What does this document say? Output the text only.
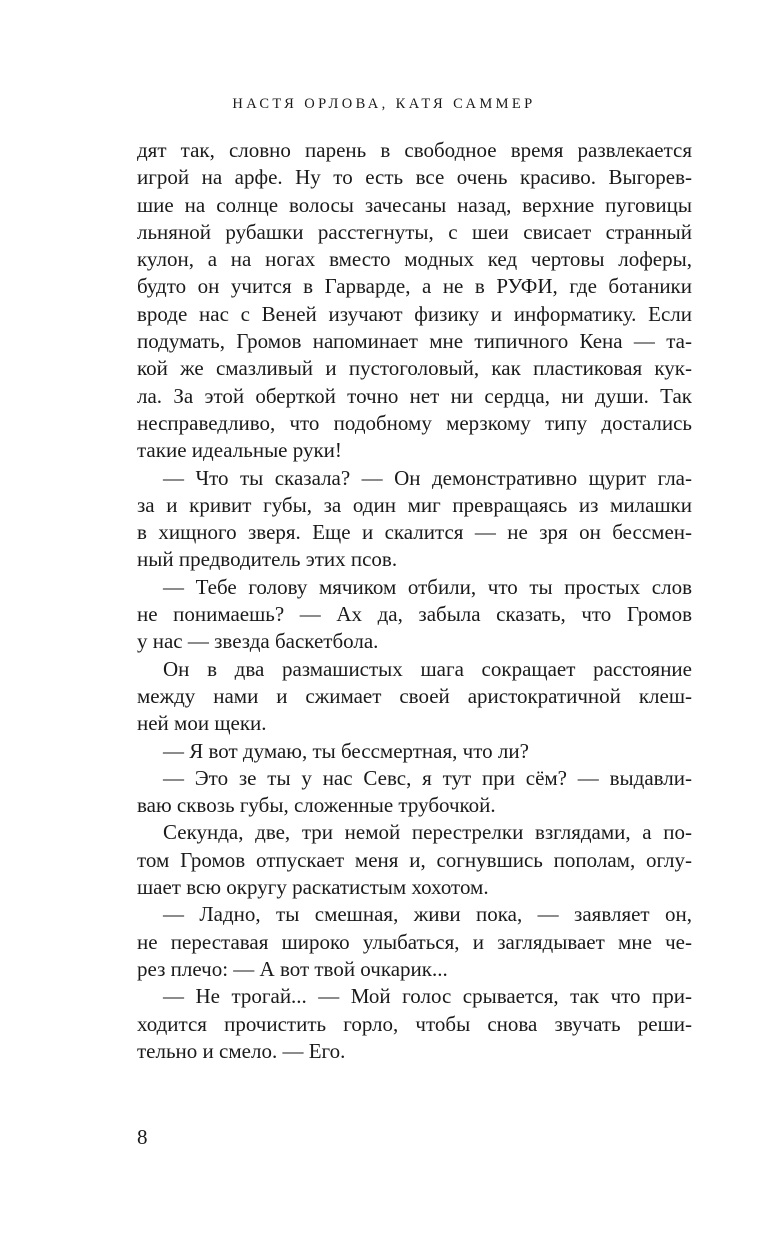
НАСТЯ ОРЛОВА, КАТЯ САММЕР
дят так, словно парень в свободное время развлекается
игрой на арфе. Ну то есть все очень красиво. Выгорев-
шие на солнце волосы зачесаны назад, верхние пуговицы
льняной рубашки расстегнуты, с шеи свисает странный
кулон, а на ногах вместо модных кед чертовы лоферы,
будто он учится в Гарварде, а не в РУФИ, где ботаники
вроде нас с Веней изучают физику и информатику. Если
подумать, Громов напоминает мне типичного Кена — та-
кой же смазливый и пустоголовый, как пластиковая кук-
ла. За этой оберткой точно нет ни сердца, ни души. Так
несправедливо, что подобному мерзкому типу достались
такие идеальные руки!
— Что ты сказала? — Он демонстративно щурит гла-
за и кривит губы, за один миг превращаясь из милашки
в хищного зверя. Еще и скалится — не зря он бессмен-
ный предводитель этих псов.
— Тебе голову мячиком отбили, что ты простых слов
не понимаешь? — Ах да, забыла сказать, что Громов
у нас — звезда баскетбола.
Он в два размашистых шага сокращает расстояние
между нами и сжимает своей аристократичной клеш-
ней мои щеки.
— Я вот думаю, ты бессмертная, что ли?
— Это зе ты у нас Севс, я тут при сём? — выдавли-
ваю сквозь губы, сложенные трубочкой.
Секунда, две, три немой перестрелки взглядами, а по-
том Громов отпускает меня и, согнувшись пополам, оглу-
шает всю округу раскатистым хохотом.
— Ладно, ты смешная, живи пока, — заявляет он,
не переставая широко улыбаться, и заглядывает мне че-
рез плечо: — А вот твой очкарик...
— Не трогай... — Мой голос срывается, так что при-
ходится прочистить горло, чтобы снова звучать реши-
тельно и смело. — Его.
8
